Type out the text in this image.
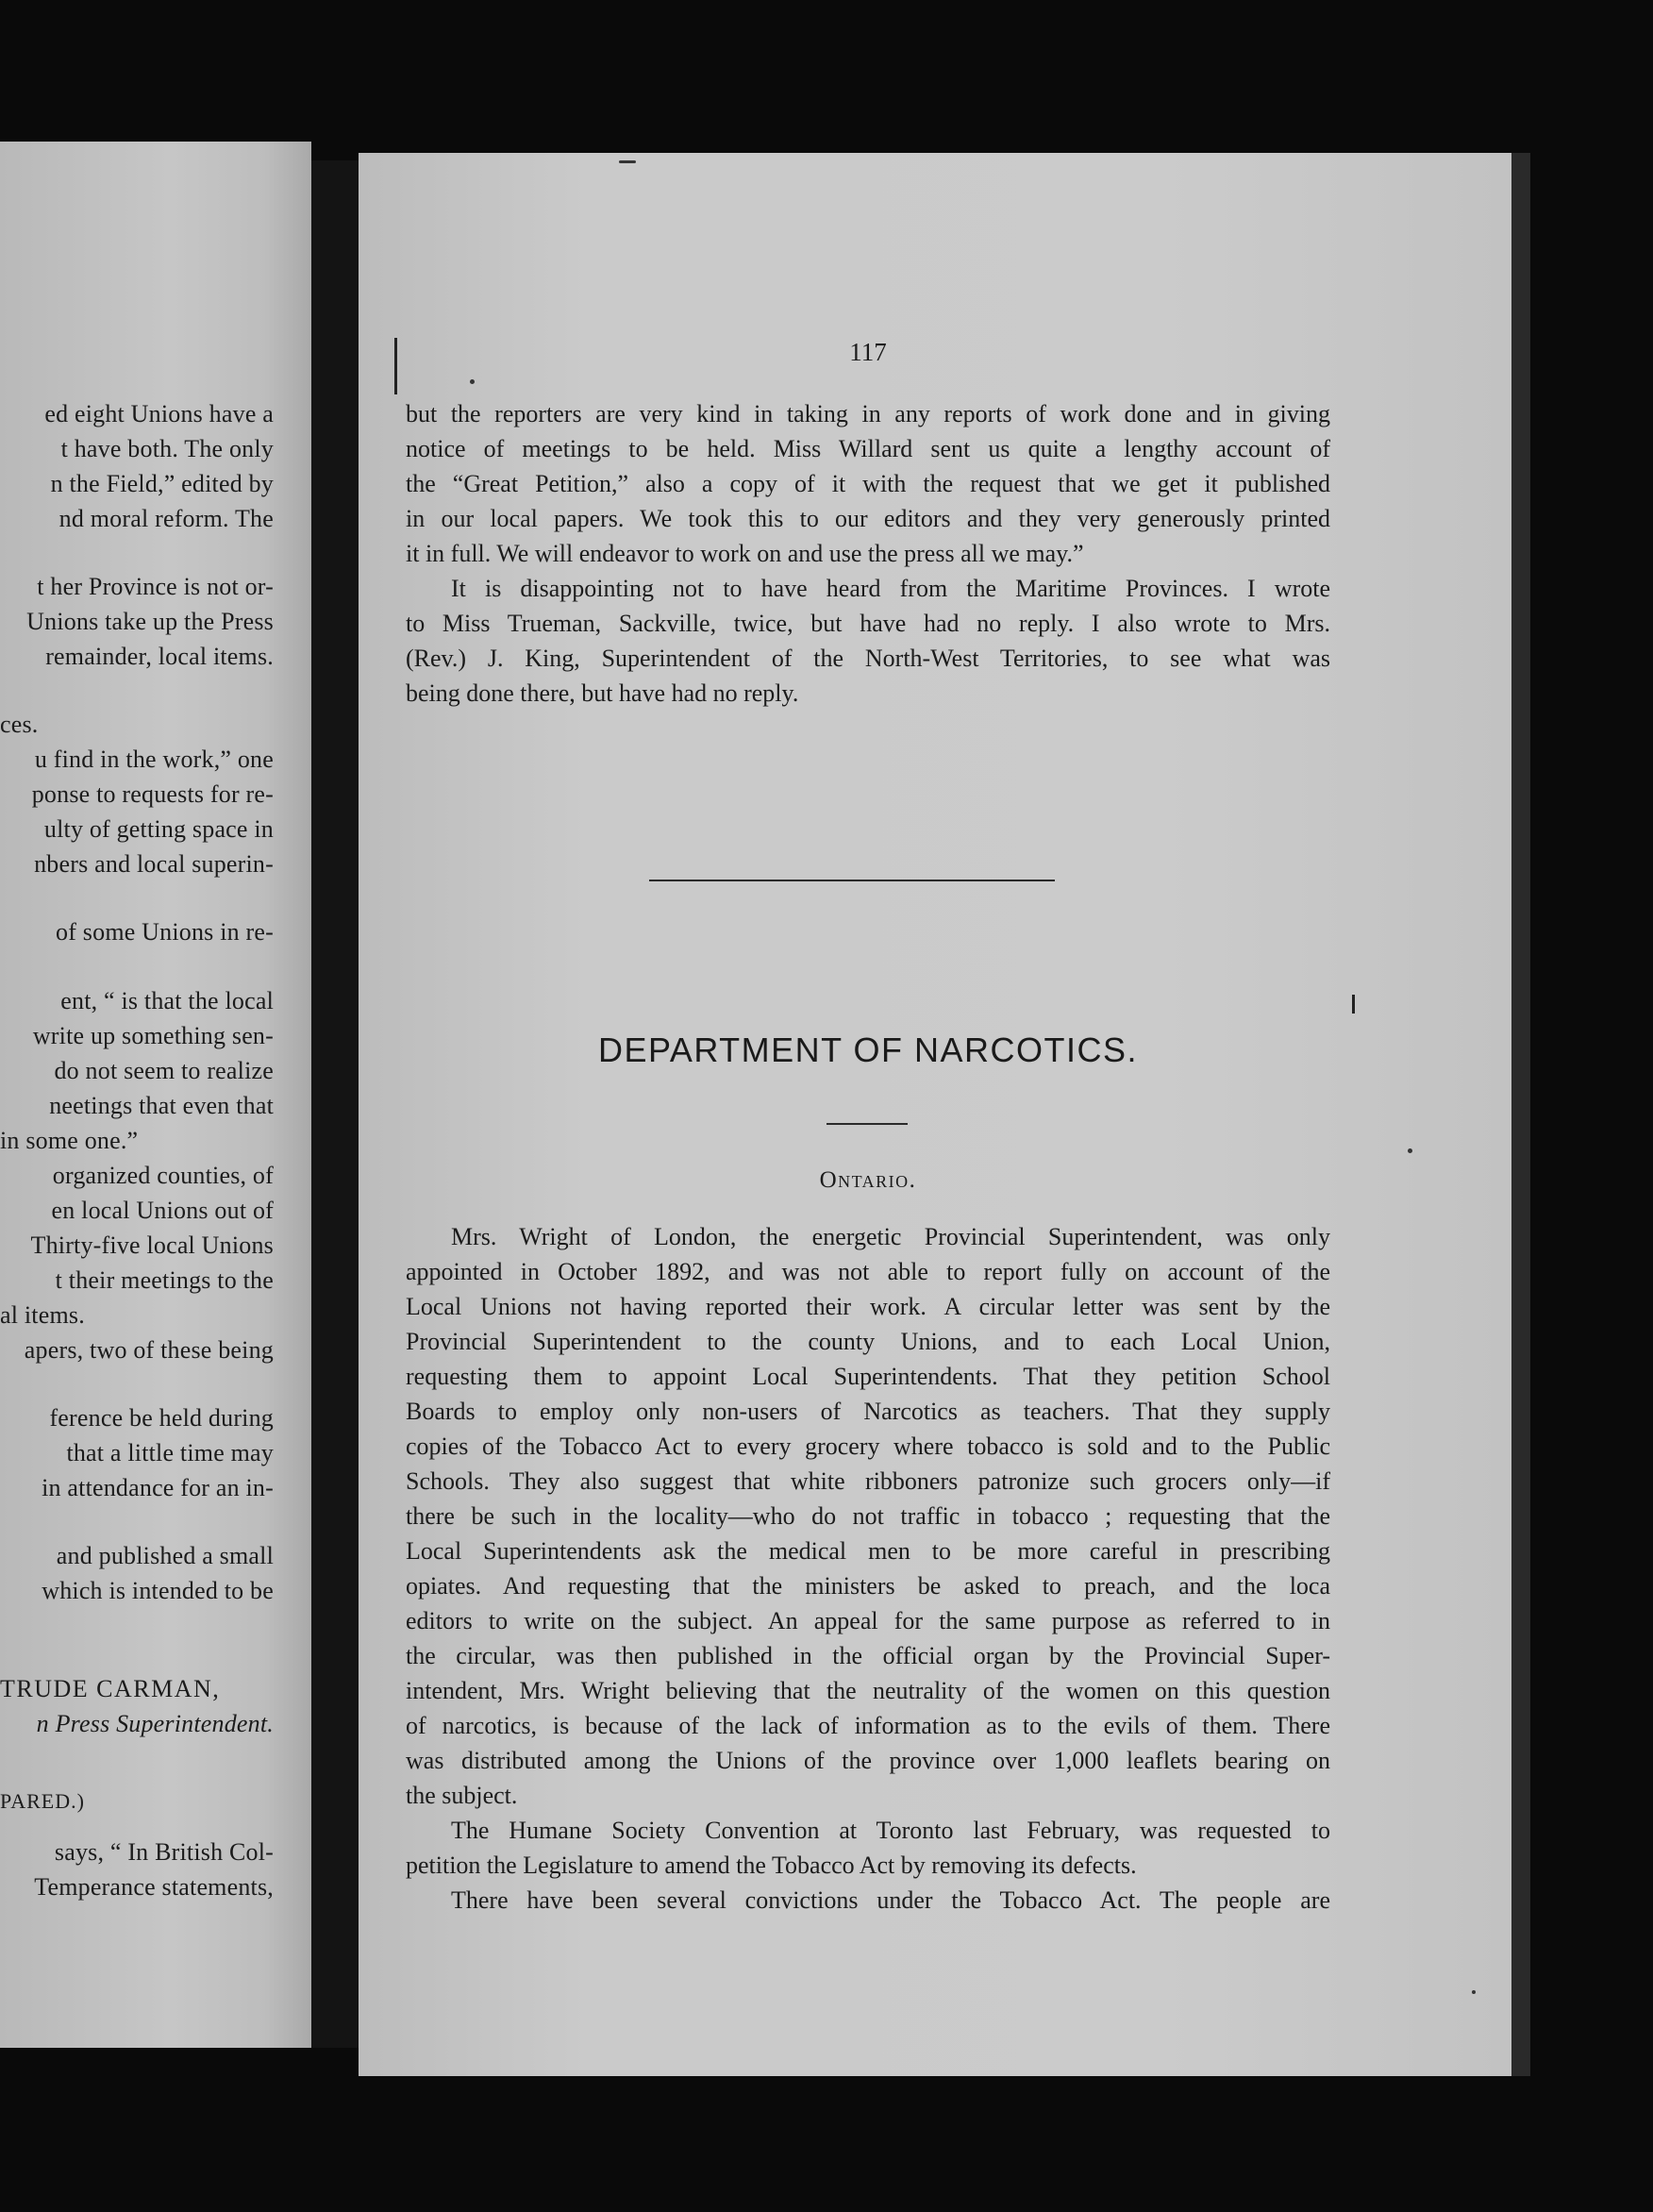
ed eight Unions have a
t have both. The only
n the Field,” edited by
nd moral reform. The
t her Province is not or-
Unions take up the Press
remainder, local items.
ces.
u find in the work,” one
ponse to requests for re-
ulty of getting space in
nbers and local superin-
of some Unions in re-
ent, “ is that the local
write up something sen-
do not seem to realize
neetings that even that
in some one.”
organized counties, of
en local Unions out of
Thirty-five local Unions
t their meetings to the
al items.
apers, two of these being
ference be held during
that a little time may
in attendance for an in-
and published a small
which is intended to be
TRUDE CARMAN,
n Press Superintendent.
PARED.)
says, “ In British Col-
Temperance statements,
117
but the reporters are very kind in taking in any reports of work done and in giving
notice of meetings to be held. Miss Willard sent us quite a lengthy account of
the “Great Petition,” also a copy of it with the request that we get it published
in our local papers. We took this to our editors and they very generously printed
it in full. We will endeavor to work on and use the press all we may.”
It is disappointing not to have heard from the Maritime Provinces. I wrote
to Miss Trueman, Sackville, twice, but have had no reply. I also wrote to Mrs.
(Rev.) J. King, Superintendent of the North-West Territories, to see what was
being done there, but have had no reply.
DEPARTMENT OF NARCOTICS.
Ontario.
Mrs. Wright of London, the energetic Provincial Superintendent, was only
appointed in October 1892, and was not able to report fully on account of the
Local Unions not having reported their work. A circular letter was sent by the
Provincial Superintendent to the county Unions, and to each Local Union,
requesting them to appoint Local Superintendents. That they petition School
Boards to employ only non-users of Narcotics as teachers. That they supply
copies of the Tobacco Act to every grocery where tobacco is sold and to the Public
Schools. They also suggest that white ribboners patronize such grocers only—if
there be such in the locality—who do not traffic in tobacco ; requesting that the
Local Superintendents ask the medical men to be more careful in prescribing
opiates. And requesting that the ministers be asked to preach, and the loca
editors to write on the subject. An appeal for the same purpose as referred to in
the circular, was then published in the official organ by the Provincial Super-
intendent, Mrs. Wright believing that the neutrality of the women on this question
of narcotics, is because of the lack of information as to the evils of them. There
was distributed among the Unions of the province over 1,000 leaflets bearing on
the subject.
The Humane Society Convention at Toronto last February, was requested to
petition the Legislature to amend the Tobacco Act by removing its defects.
There have been several convictions under the Tobacco Act. The people are
